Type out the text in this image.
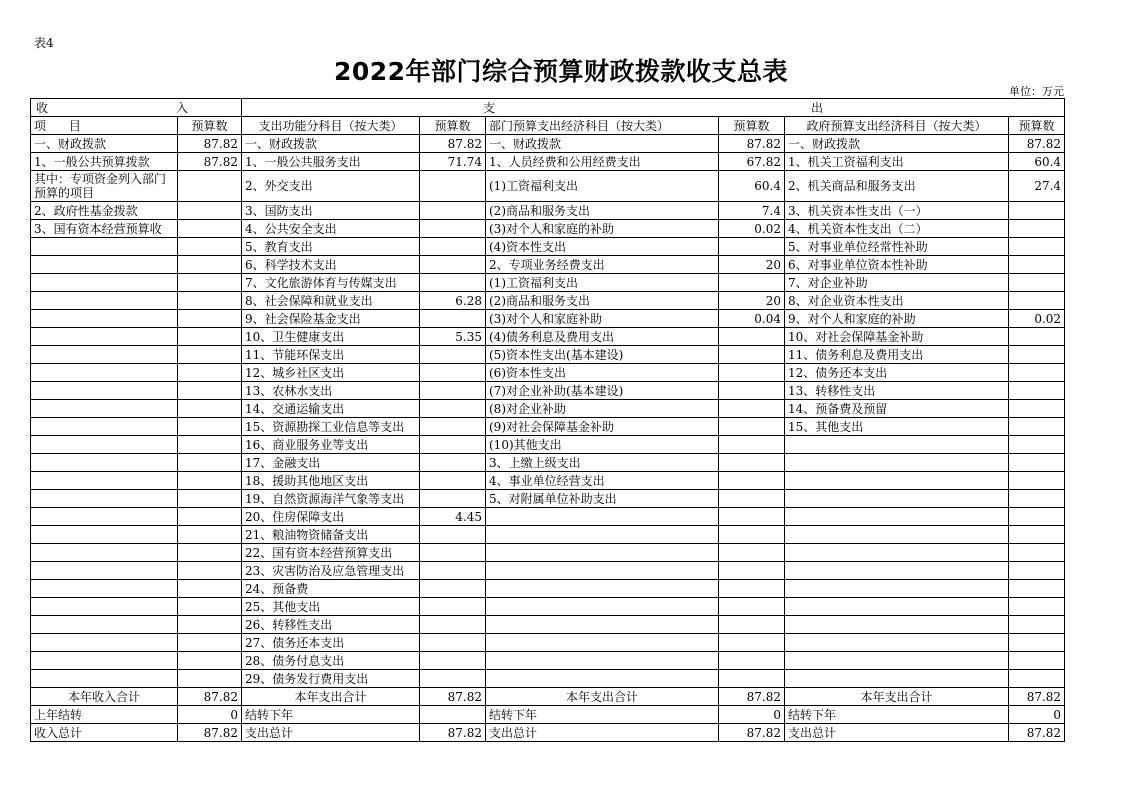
表4
2022年部门综合预算财政拨款收支总表
单位：万元
收 入		支 出					

项      目	预算数	支出功能分科目（按大类）	预算数	部门预算支出经济科目（按大类）	预算数	政府预算支出经济科目（按大类）	预算数
一、财政拨款	87.82	一、财政拨款	87.82	一、财政拨款	87.82	一、财政拨款	87.82
1、一般公共预算拨款	87.82	1、一般公共服务支出	71.74	1、人员经费和公用经费支出	67.82	1、机关工资福利支出	60.4
其中：专项资金列入部门预算的项目		2、外交支出		(1)工资福利支出	60.4	2、机关商品和服务支出	27.4
2、政府性基金拨款		3、国防支出		(2)商品和服务支出	7.4	3、机关资本性支出（一）	
3、国有资本经营预算收		4、公共安全支出		(3)对个人和家庭的补助	0.02	4、机关资本性支出（二）	
		5、教育支出		(4)资本性支出		5、对事业单位经常性补助	
		6、科学技术支出		2、专项业务经费支出	20	6、对事业单位资本性补助	
		7、文化旅游体育与传媒支出		(1)工资福利支出		7、对企业补助	
		8、社会保障和就业支出	6.28	(2)商品和服务支出	20	8、对企业资本性支出	
		9、社会保险基金支出		(3)对个人和家庭补助	0.04	9、对个人和家庭的补助	0.02
		10、卫生健康支出	5.35	(4)债务利息及费用支出		10、对社会保障基金补助	
		11、节能环保支出		(5)资本性支出(基本建设)		11、债务利息及费用支出	
		12、城乡社区支出		(6)资本性支出		12、债务还本支出	
		13、农林水支出		(7)对企业补助(基本建设)		13、转移性支出	
		14、交通运输支出		(8)对企业补助		14、预备费及预留	
		15、资源勘探工业信息等支出		(9)对社会保障基金补助		15、其他支出	
		16、商业服务业等支出		(10)其他支出			
		17、金融支出		3、上缴上级支出			
		18、援助其他地区支出		4、事业单位经营支出			
		19、自然资源海洋气象等支出		5、对附属单位补助支出			
		20、住房保障支出	4.45				
		21、粮油物资储备支出					
		22、国有资本经营预算支出					
		23、灾害防治及应急管理支出					
		24、预备费					
		25、其他支出					
		26、转移性支出					
		27、债务还本支出					
		28、债务付息支出					
		29、债务发行费用支出					
本年收入合计	87.82	本年支出合计	87.82	本年支出合计	87.82	本年支出合计	87.82
上年结转	0	结转下年		结转下年	0	结转下年	0
收入总计	87.82	支出总计	87.82	支出总计	87.82	支出总计	87.82
